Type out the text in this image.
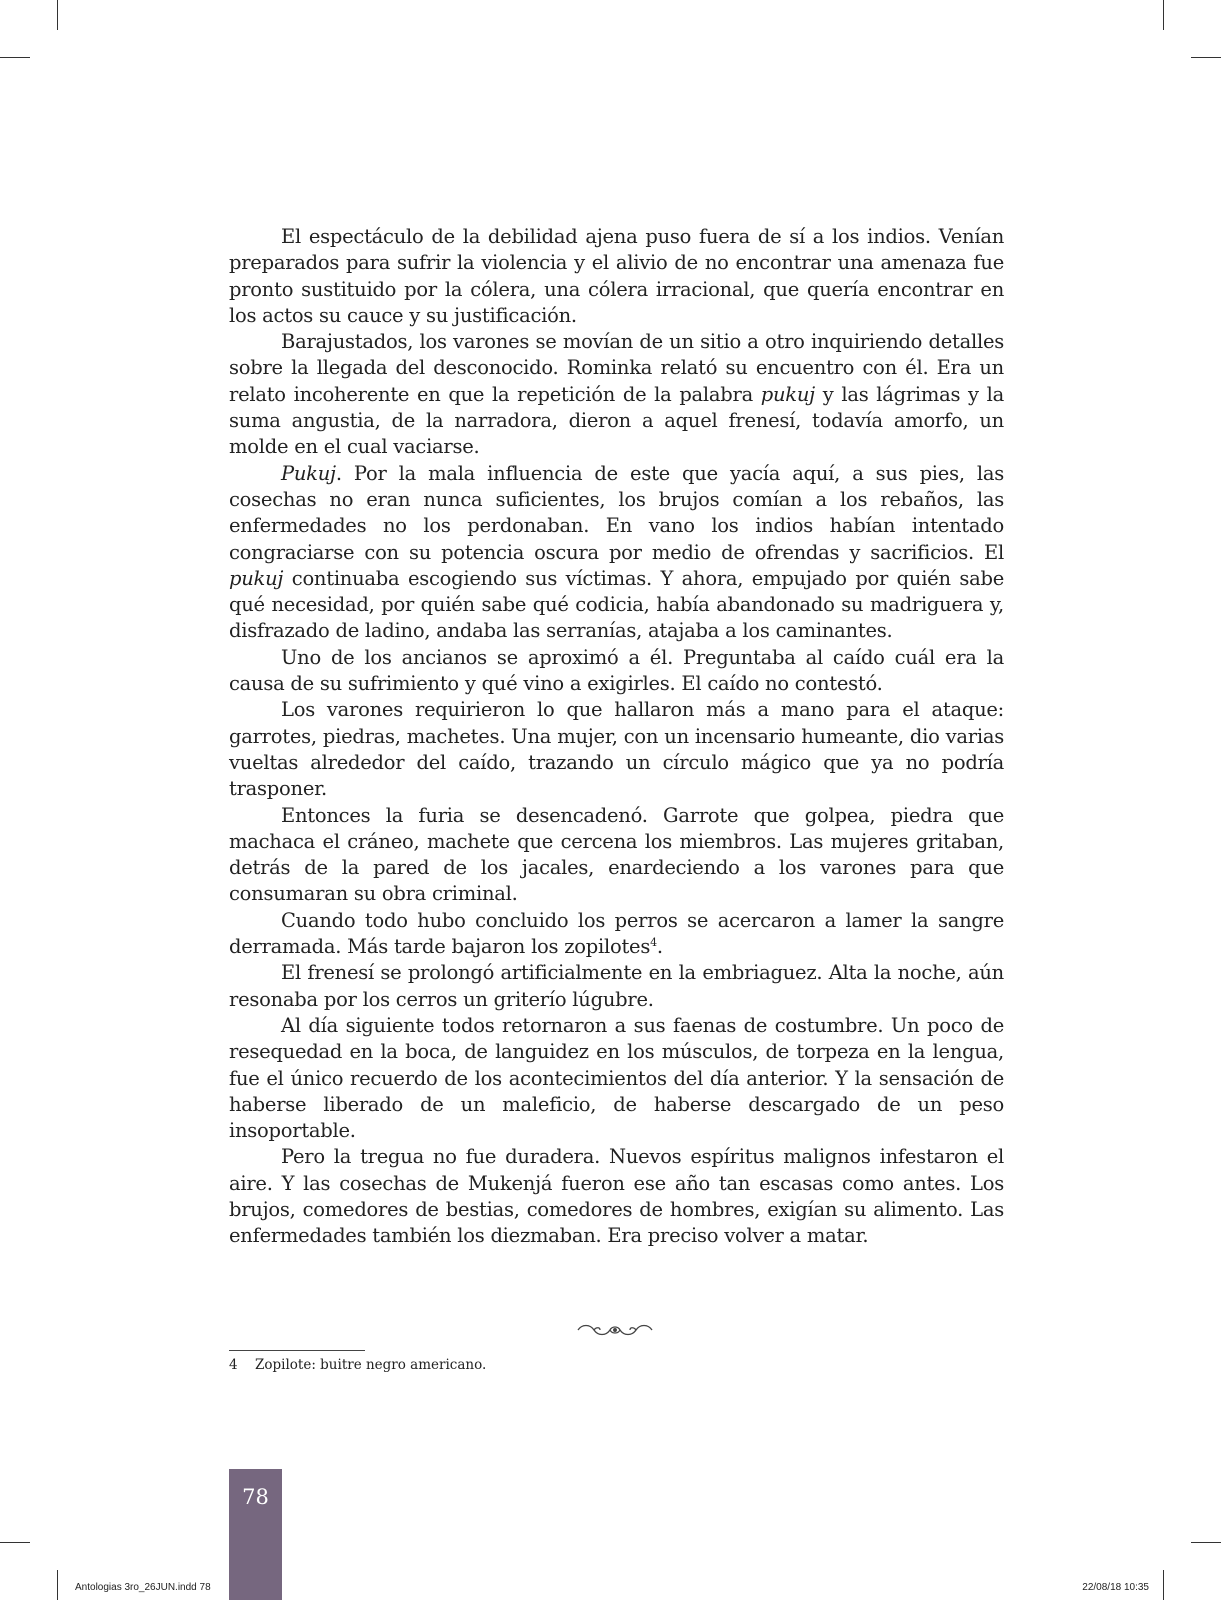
El espectáculo de la debilidad ajena puso fuera de sí a los indios. Venían preparados para sufrir la violencia y el alivio de no encontrar una amenaza fue pronto sustituido por la cólera, una cólera irracional, que quería encontrar en los actos su cauce y su justificación.

Barajustados, los varones se movían de un sitio a otro inquiriendo detalles sobre la llegada del desconocido. Rominka relató su encuentro con él. Era un relato incoherente en que la repetición de la palabra pukuj y las lágrimas y la suma angustia, de la narradora, dieron a aquel frenesí, todavía amorfo, un molde en el cual vaciarse.

Pukuj. Por la mala influencia de este que yacía aquí, a sus pies, las cosechas no eran nunca suficientes, los brujos comían a los rebaños, las enfermedades no los perdonaban. En vano los indios habían intentado congraciarse con su potencia oscura por medio de ofrendas y sacrificios. El pukuj continuaba escogiendo sus víctimas. Y ahora, empujado por quién sabe qué necesidad, por quién sabe qué codicia, había abandonado su madriguera y, disfrazado de ladino, andaba las serranías, atajaba a los caminantes.

Uno de los ancianos se aproximó a él. Preguntaba al caído cuál era la causa de su sufrimiento y qué vino a exigirles. El caído no contestó.

Los varones requirieron lo que hallaron más a mano para el ataque: garrotes, piedras, machetes. Una mujer, con un incensario humeante, dio varias vueltas alrededor del caído, trazando un círculo mágico que ya no podría trasponer.

Entonces la furia se desencadenó. Garrote que golpea, piedra que machaca el cráneo, machete que cercena los miembros. Las mujeres gritaban, detrás de la pared de los jacales, enardeciendo a los varones para que consumaran su obra criminal.

Cuando todo hubo concluido los perros se acercaron a lamer la sangre derramada. Más tarde bajaron los zopilotes$^4$.

El frenesí se prolongó artificialmente en la embriaguez. Alta la noche, aún resonaba por los cerros un griterío lúgubre.

Al día siguiente todos retornaron a sus faenas de costumbre. Un poco de resequedad en la boca, de languidez en los músculos, de torpeza en la lengua, fue el único recuerdo de los acontecimientos del día anterior. Y la sensación de haberse liberado de un maleficio, de haberse descargado de un peso insoportable.

Pero la tregua no fue duradera. Nuevos espíritus malignos infestaron el aire. Y las cosechas de Mukenjá fueron ese año tan escasas como antes. Los brujos, comedores de bestias, comedores de hombres, exigían su alimento. Las enfermedades también los diezmaban. Era preciso volver a matar.

4 Zopilote: buitre negro americano.
78
Antologias 3ro_26JUN.indd 78	22/08/18 10:35
